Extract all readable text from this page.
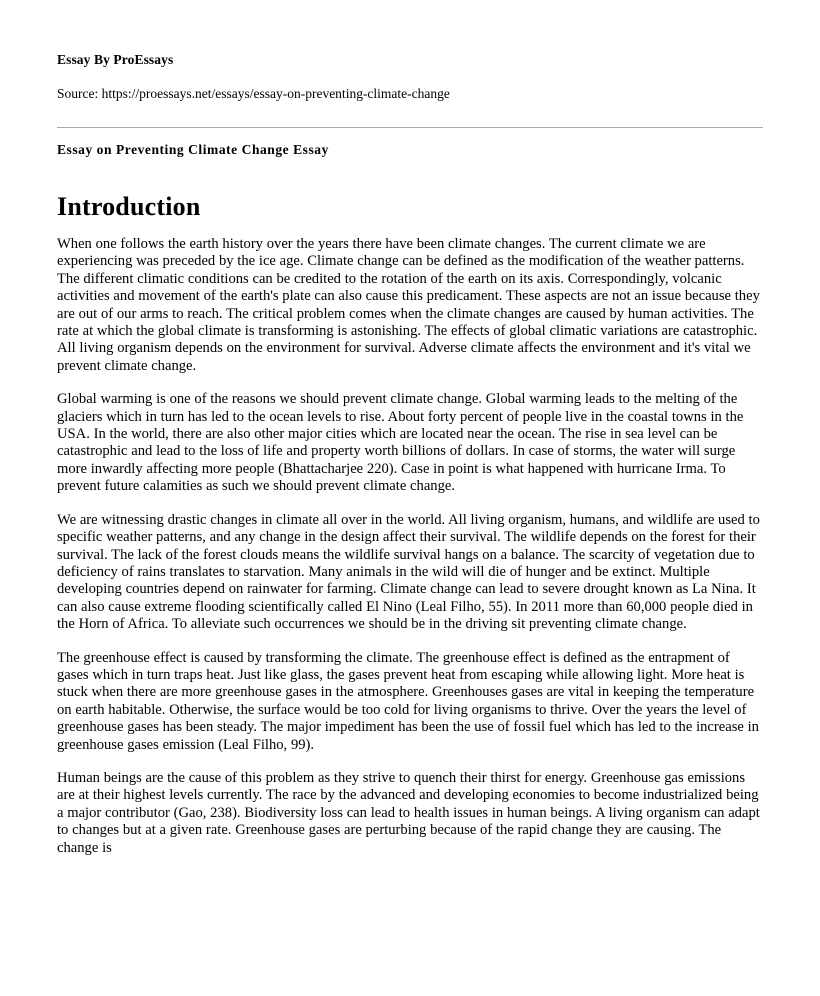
Essay By ProEssays
Source: https://proessays.net/essays/essay-on-preventing-climate-change
Essay on Preventing Climate Change Essay
Introduction

When one follows the earth history over the years there have been climate changes. The current climate we are experiencing was preceded by the ice age. Climate change can be defined as the modification of the weather patterns. The different climatic conditions can be credited to the rotation of the earth on its axis. Correspondingly, volcanic activities and movement of the earth's plate can also cause this predicament. These aspects are not an issue because they are out of our arms to reach. The critical problem comes when the climate changes are caused by human activities. The rate at which the global climate is transforming is astonishing. The effects of global climatic variations are catastrophic. All living organism depends on the environment for survival. Adverse climate affects the environment and it's vital we prevent climate change.

Global warming is one of the reasons we should prevent climate change. Global warming leads to the melting of the glaciers which in turn has led to the ocean levels to rise. About forty percent of people live in the coastal towns in the USA. In the world, there are also other major cities which are located near the ocean. The rise in sea level can be catastrophic and lead to the loss of life and property worth billions of dollars. In case of storms, the water will surge more inwardly affecting more people (Bhattacharjee 220). Case in point is what happened with hurricane Irma. To prevent future calamities as such we should prevent climate change.

We are witnessing drastic changes in climate all over in the world. All living organism, humans, and wildlife are used to specific weather patterns, and any change in the design affect their survival. The wildlife depends on the forest for their survival. The lack of the forest clouds means the wildlife survival hangs on a balance. The scarcity of vegetation due to deficiency of rains translates to starvation. Many animals in the wild will die of hunger and be extinct. Multiple developing countries depend on rainwater for farming. Climate change can lead to severe drought known as La Nina. It can also cause extreme flooding scientifically called El Nino (Leal Filho, 55). In 2011 more than 60,000 people died in the Horn of Africa. To alleviate such occurrences we should be in the driving sit preventing climate change.

The greenhouse effect is caused by transforming the climate. The greenhouse effect is defined as the entrapment of gases which in turn traps heat. Just like glass, the gases prevent heat from escaping while allowing light. More heat is stuck when there are more greenhouse gases in the atmosphere. Greenhouses gases are vital in keeping the temperature on earth habitable. Otherwise, the surface would be too cold for living organisms to thrive. Over the years the level of greenhouse gases has been steady. The major impediment has been the use of fossil fuel which has led to the increase in greenhouse gases emission (Leal Filho, 99).

Human beings are the cause of this problem as they strive to quench their thirst for energy. Greenhouse gas emissions are at their highest levels currently. The race by the advanced and developing economies to become industrialized being a major contributor (Gao, 238). Biodiversity loss can lead to health issues in human beings. A living organism can adapt to changes but at a given rate. Greenhouse gases are perturbing because of the rapid change they are causing. The change is
